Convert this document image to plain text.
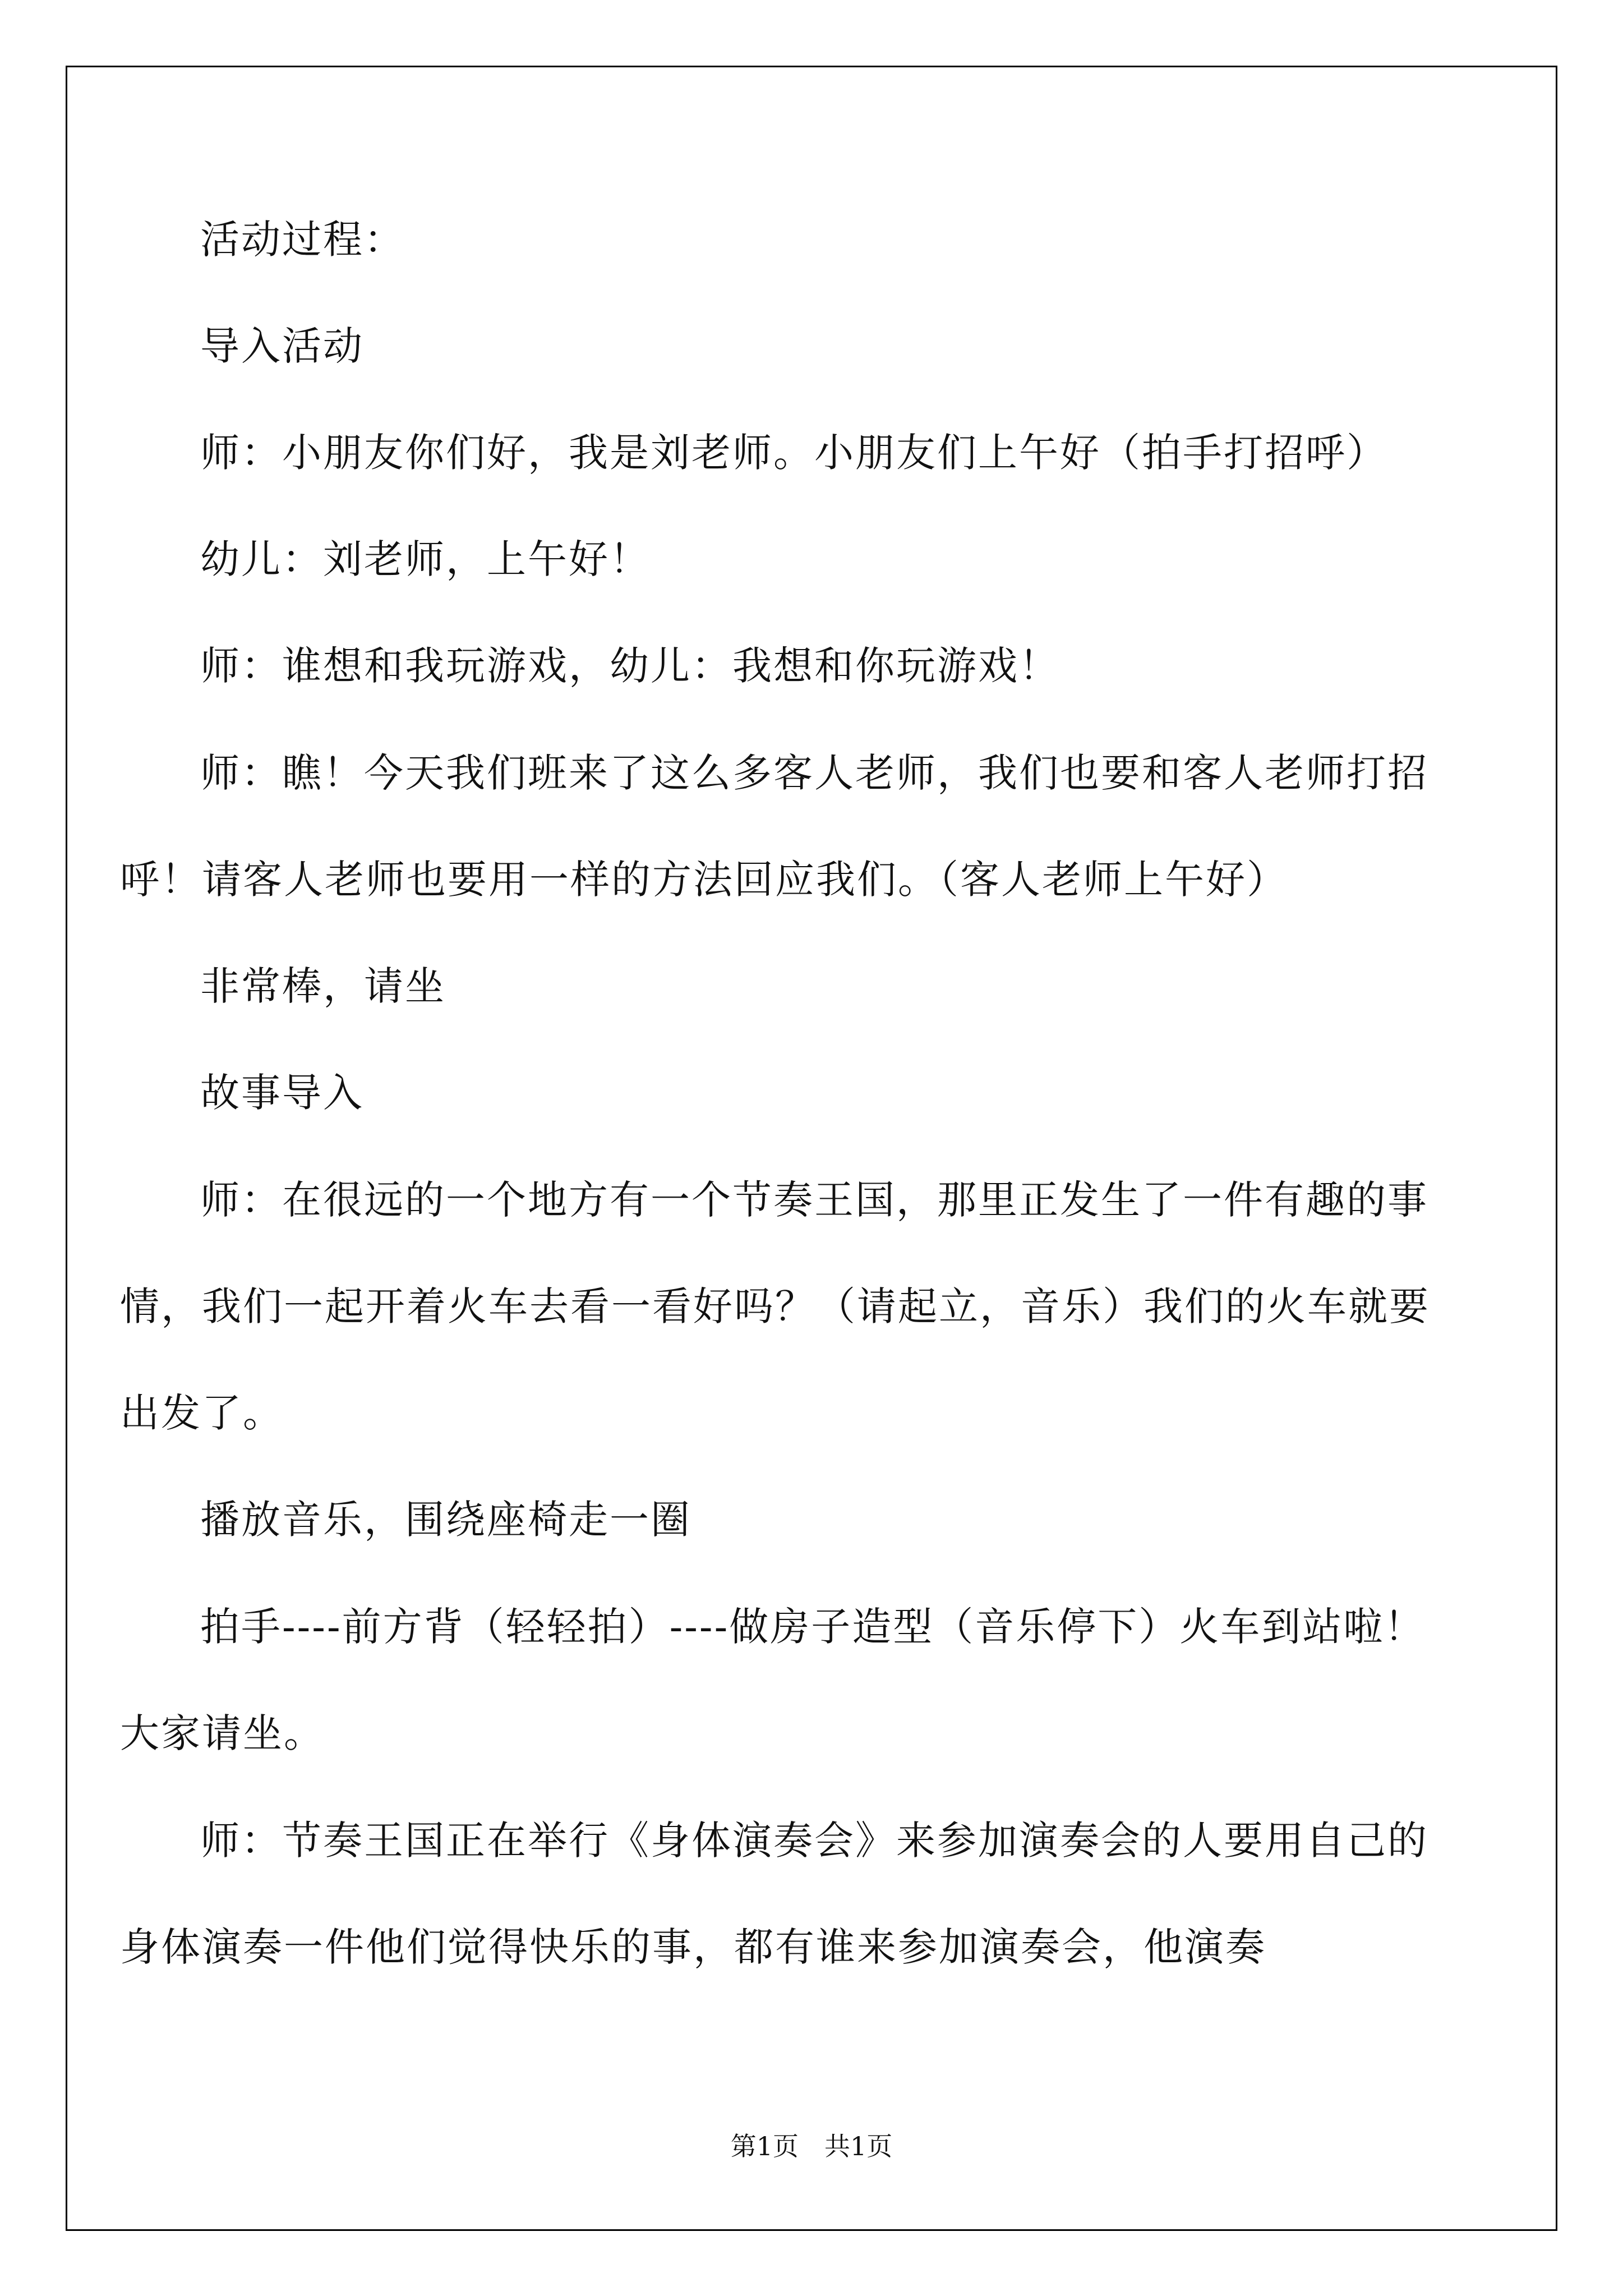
活动过程：

导入活动

师：小朋友你们好，我是刘老师。小朋友们上午好（拍手打招呼）

幼儿：刘老师，上午好！

师：谁想和我玩游戏，幼儿：我想和你玩游戏！

师：瞧！今天我们班来了这么多客人老师，我们也要和客人老师打招呼！请客人老师也要用一样的方法回应我们。（客人老师上午好）

非常棒，请坐

故事导入

师：在很远的一个地方有一个节奏王国，那里正发生了一件有趣的事情，我们一起开着火车去看一看好吗？（请起立，音乐）我们的火车就要出发了。

播放音乐，围绕座椅走一圈

拍手----前方背（轻轻拍）----做房子造型（音乐停下）火车到站啦！大家请坐。

师：节奏王国正在举行《身体演奏会》来参加演奏会的人要用自己的身体演奏一件他们觉得快乐的事，都有谁来参加演奏会，他演奏

第1页　共1页
